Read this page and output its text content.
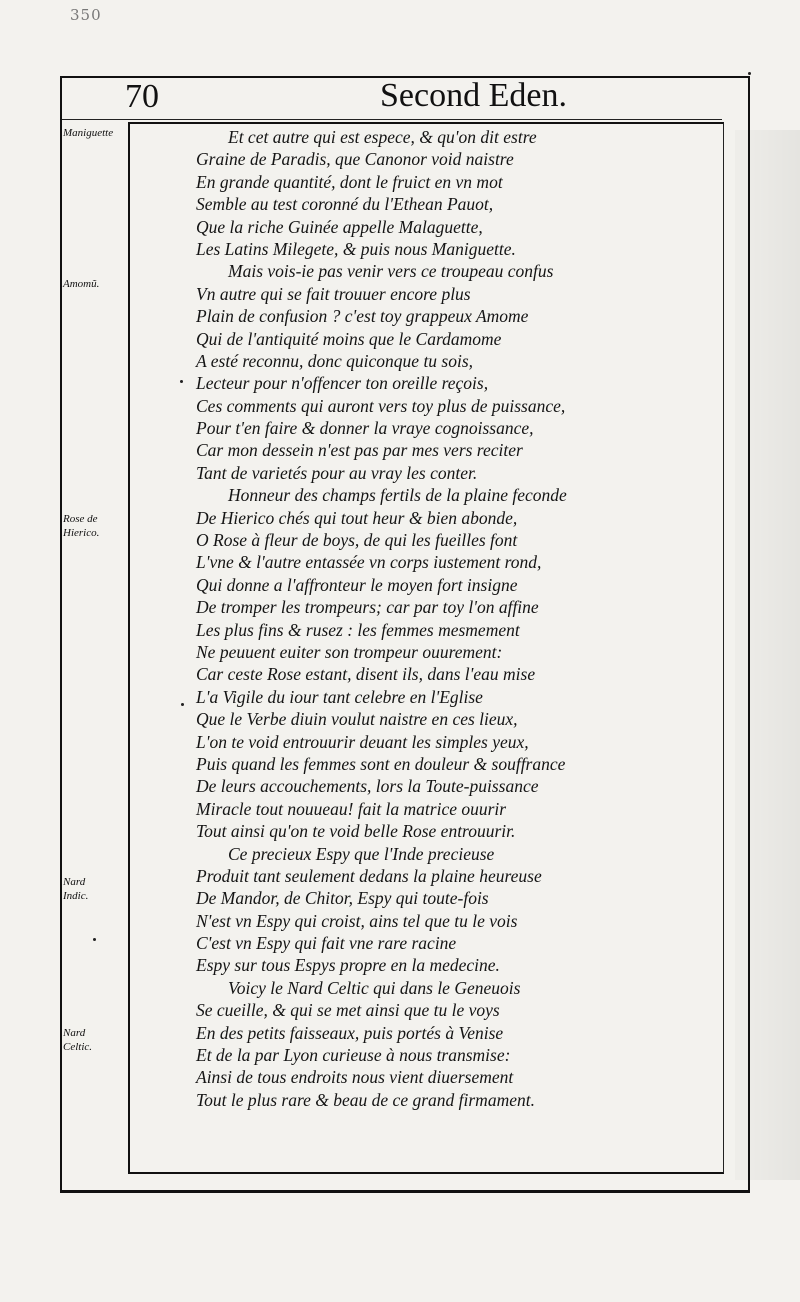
350
70	Second Eden.
Maniguette
Amomũ.
Rose de
Hierico.
Nard
Indic.
Nard
Celtic.
Et cet autre qui est espece, & qu'on dit estre
Graine de Paradis, que Canonor void naistre
En grande quantité, dont le fruict en vn mot
Semble au test coronné du l'Ethean Pauot,
Que la riche Guinée appelle Malaguette,
Les Latins Milegete, & puis nous Maniguette.
Mais vois-ie pas venir vers ce troupeau confus
Vn autre qui se fait trouuer encore plus
Plain de confusion ? c'est toy grappeux Amome
Qui de l'antiquité moins que le Cardamome
A esté reconnu, donc quiconque tu sois,
Lecteur pour n'offencer ton oreille reçois,
Ces comments qui auront vers toy plus de puissance,
Pour t'en faire & donner la vraye cognoissance,
Car mon dessein n'est pas par mes vers reciter
Tant de varietés pour au vray les conter.
Honneur des champs fertils de la plaine feconde
De Hierico chés qui tout heur & bien abonde,
O Rose à fleur de boys, de qui les fueilles font
L'vne & l'autre entassée vn corps iustement rond,
Qui donne a l'affronteur le moyen fort insigne
De tromper les trompeurs; car par toy l'on affine
Les plus fins & rusez : les femmes mesmement
Ne peuuent euiter son trompeur ouurement:
Car ceste Rose estant, disent ils, dans l'eau mise
L'a Vigile du iour tant celebre en l'Eglise
Que le Verbe diuin voulut naistre en ces lieux,
L'on te void entrouurir deuant les simples yeux,
Puis quand les femmes sont en douleur & souffrance
De leurs accouchements, lors la Toute-puissance
Miracle tout nouueau! fait la matrice ouurir
Tout ainsi qu'on te void belle Rose entrouurir.
Ce precieux Espy que l'Inde precieuse
Produit tant seulement dedans la plaine heureuse
De Mandor, de Chitor, Espy qui toute-fois
N'est vn Espy qui croist, ains tel que tu le vois
C'est vn Espy qui fait vne rare racine
Espy sur tous Espys propre en la medecine.
Voicy le Nard Celtic qui dans le Geneuois
Se cueille, & qui se met ainsi que tu le voys
En des petits faisseaux, puis portés à Venise
Et de la par Lyon curieuse à nous transmise:
Ainsi de tous endroits nous vient diuersement
Tout le plus rare & beau de ce grand firmament.
